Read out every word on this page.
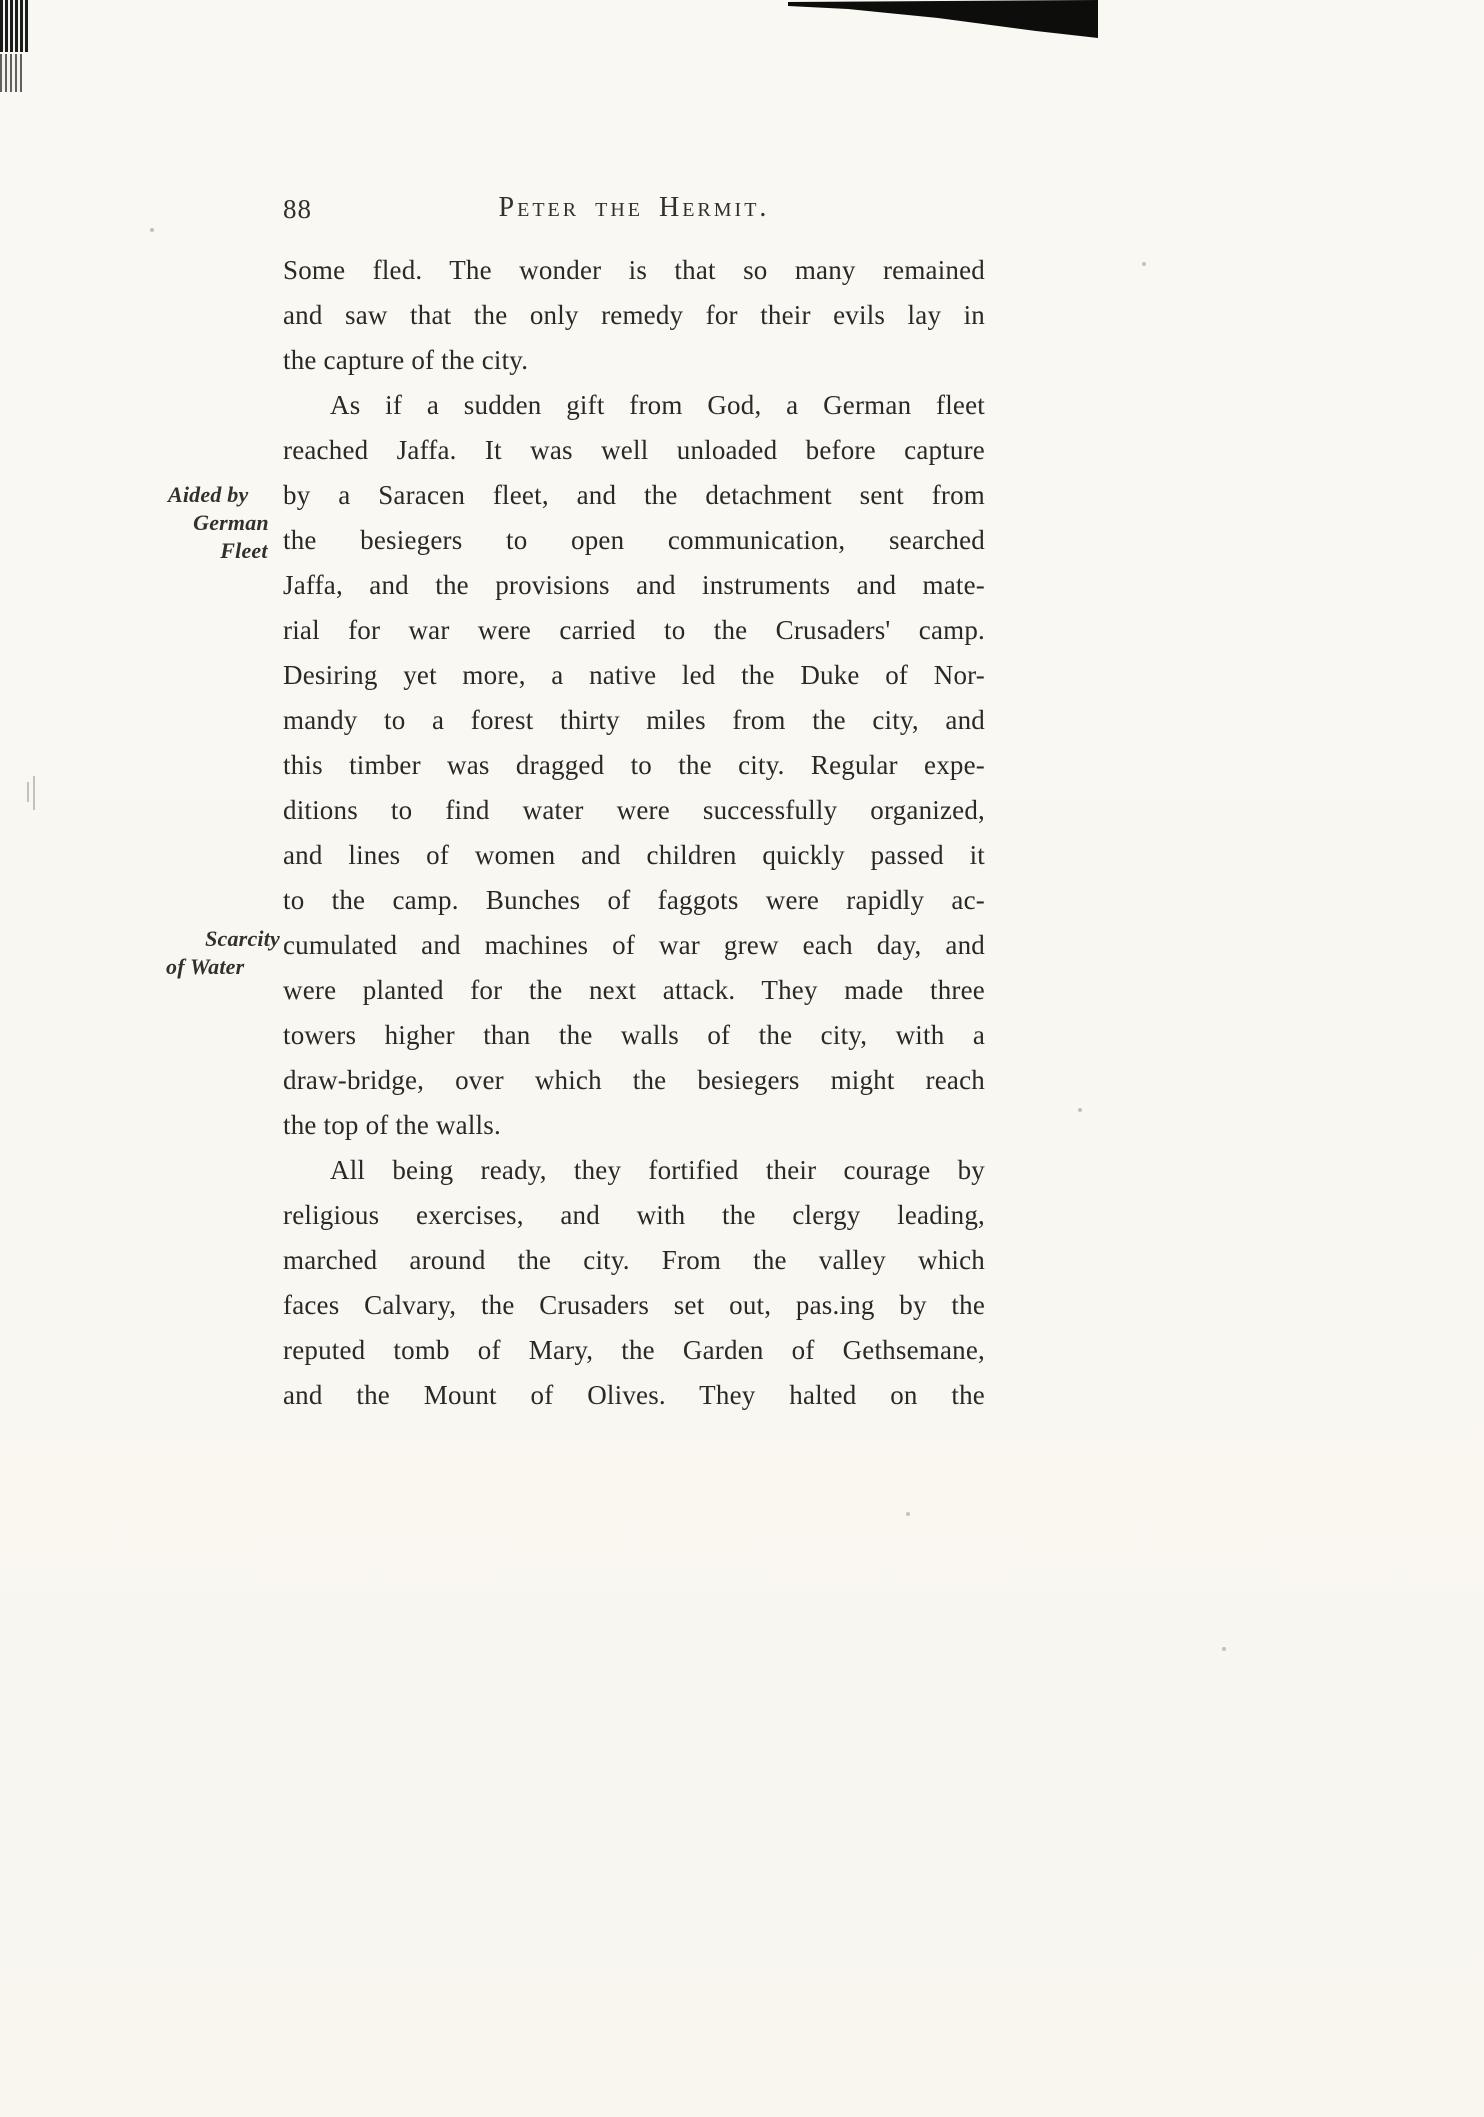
88	Peter the Hermit.
Aided by
German
Fleet
Scarcity
of Water
Some fled. The wonder is that so many remained
and saw that the only remedy for their evils lay in
the capture of the city.
As if a sudden gift from God, a German fleet
reached Jaffa. It was well unloaded before capture
by a Saracen fleet, and the detachment sent from
the besiegers to open communication, searched
Jaffa, and the provisions and instruments and mate-
rial for war were carried to the Crusaders' camp.
Desiring yet more, a native led the Duke of Nor-
mandy to a forest thirty miles from the city, and
this timber was dragged to the city. Regular expe-
ditions to find water were successfully organized,
and lines of women and children quickly passed it
to the camp. Bunches of faggots were rapidly ac-
cumulated and machines of war grew each day, and
were planted for the next attack. They made three
towers higher than the walls of the city, with a
draw-bridge, over which the besiegers might reach
the top of the walls.
All being ready, they fortified their courage by
religious exercises, and with the clergy leading,
marched around the city. From the valley which
faces Calvary, the Crusaders set out, pas.ing by the
reputed tomb of Mary, the Garden of Gethsemane,
and the Mount of Olives. They halted on the
